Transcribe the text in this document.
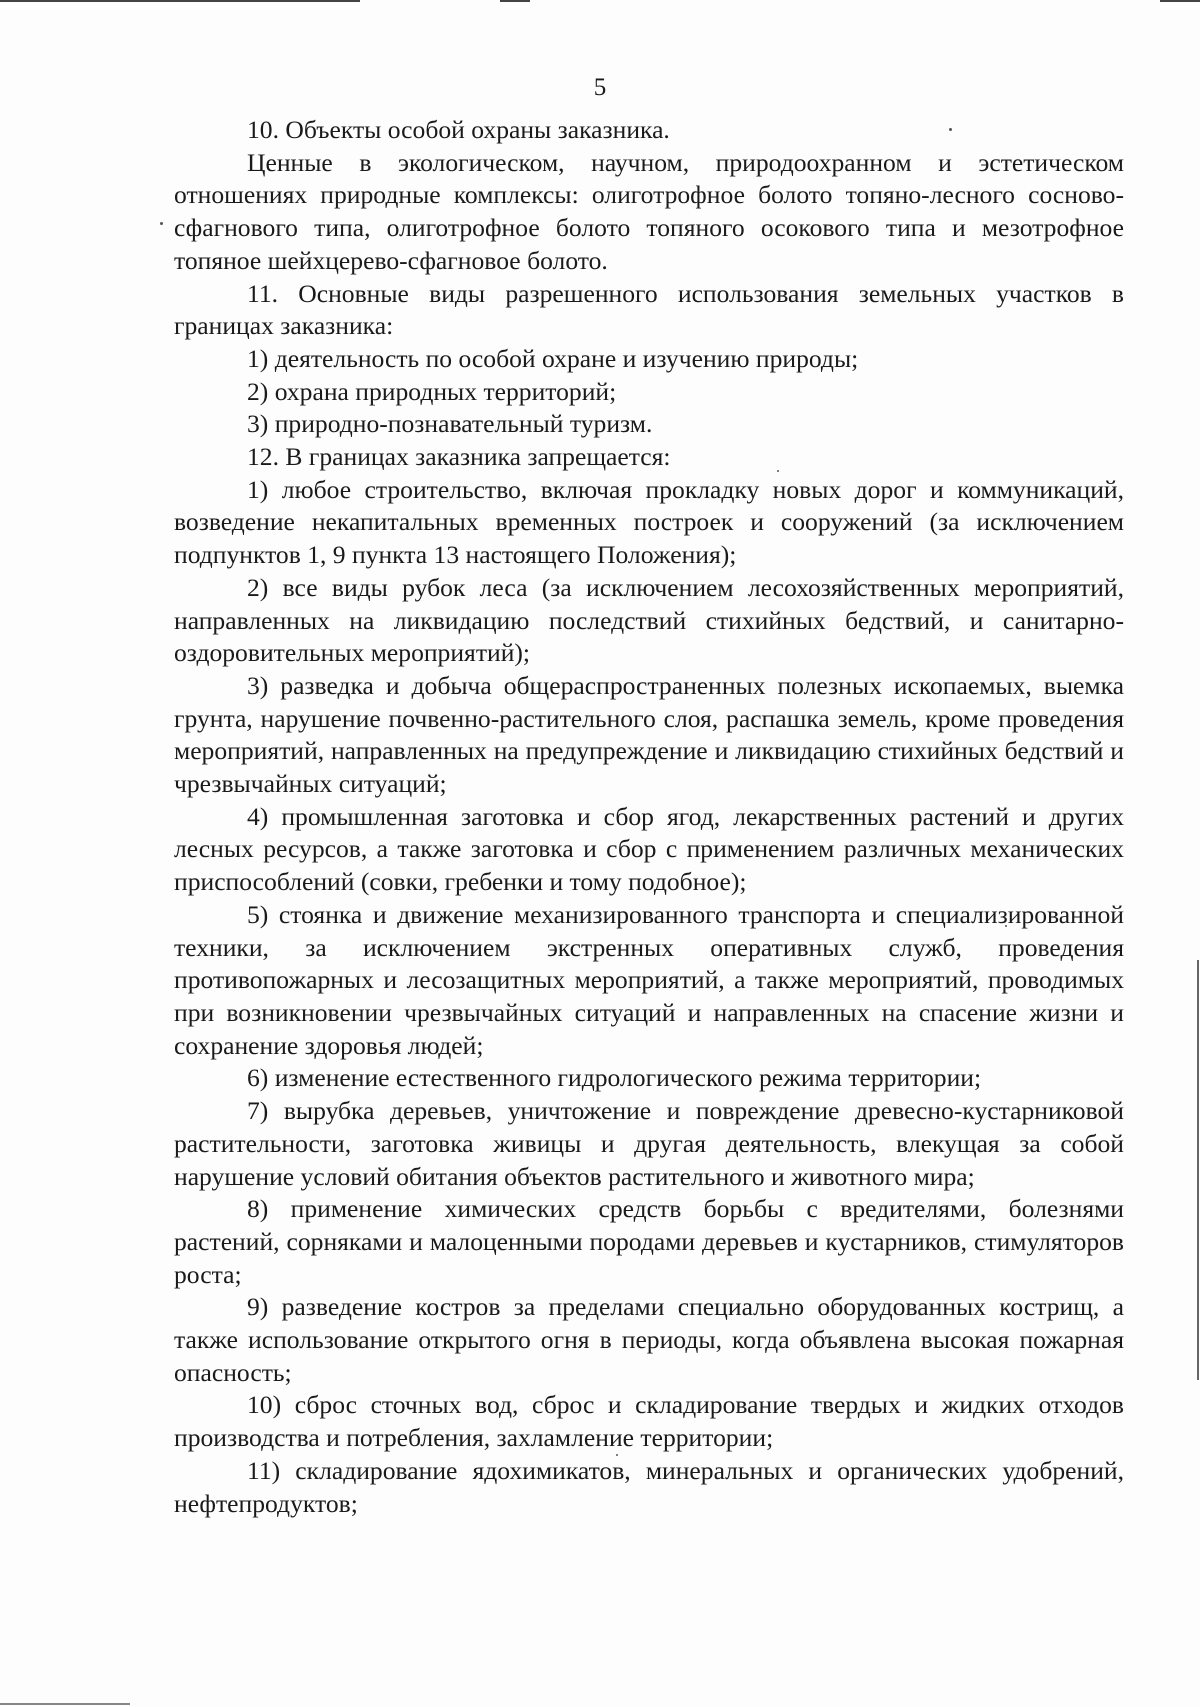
5

10. Объекты особой охраны заказника.

Ценные в экологическом, научном, природоохранном и эстетическом отношениях природные комплексы: олиготрофное болото топяно-лесного сосново-сфагнового типа, олиготрофное болото топяного осокового типа и мезотрофное топяное шейхцерево-сфагновое болото.

11. Основные виды разрешенного использования земельных участков в границах заказника:

1) деятельность по особой охране и изучению природы;

2) охрана природных территорий;

3) природно-познавательный туризм.

12. В границах заказника запрещается:

1) любое строительство, включая прокладку новых дорог и коммуникаций, возведение некапитальных временных построек и сооружений (за исключением подпунктов 1, 9 пункта 13 настоящего Положения);

2) все виды рубок леса (за исключением лесохозяйственных мероприятий, направленных на ликвидацию последствий стихийных бедствий, и санитарно-оздоровительных мероприятий);

3) разведка и добыча общераспространенных полезных ископаемых, выемка грунта, нарушение почвенно-растительного слоя, распашка земель, кроме проведения мероприятий, направленных на предупреждение и ликвидацию стихийных бедствий и чрезвычайных ситуаций;

4) промышленная заготовка и сбор ягод, лекарственных растений и других лесных ресурсов, а также заготовка и сбор с применением различных механических приспособлений (совки, гребенки и тому подобное);

5) стоянка и движение механизированного транспорта и специализированной техники, за исключением экстренных оперативных служб, проведения противопожарных и лесозащитных мероприятий, а также мероприятий, проводимых при возникновении чрезвычайных ситуаций и направленных на спасение жизни и сохранение здоровья людей;

6) изменение естественного гидрологического режима территории;

7) вырубка деревьев, уничтожение и повреждение древесно-кустарниковой растительности, заготовка живицы и другая деятельность, влекущая за собой нарушение условий обитания объектов растительного и животного мира;

8) применение химических средств борьбы с вредителями, болезнями растений, сорняками и малоценными породами деревьев и кустарников, стимуляторов роста;

9) разведение костров за пределами специально оборудованных кострищ, а также использование открытого огня в периоды, когда объявлена высокая пожарная опасность;

10) сброс сточных вод, сброс и складирование твердых и жидких отходов производства и потребления, захламление территории;

11) складирование ядохимикатов, минеральных и органических удобрений, нефтепродуктов;
